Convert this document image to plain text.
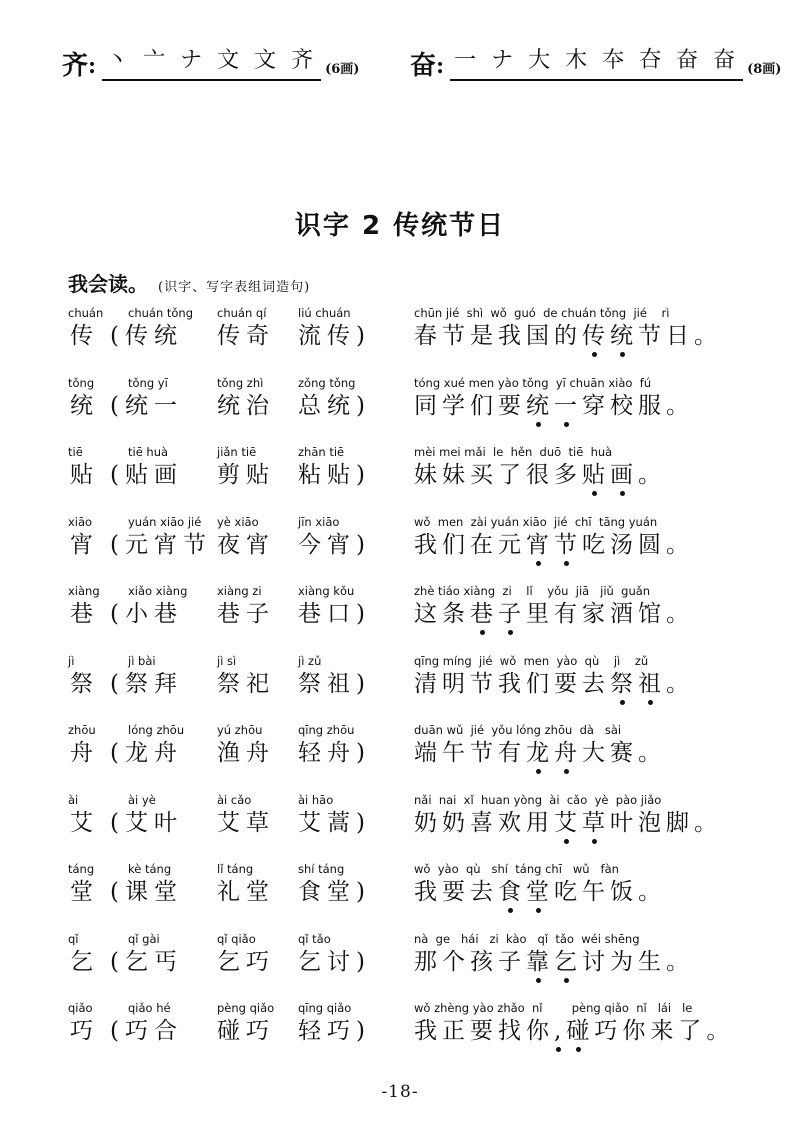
齐 : 丶 亠 ナ 文 文 齐 (6画) 奋 : 一 ナ 大 木 夲 夻 奋 奋 (8画)
识字 2 传统节日
我会读。 (识字、写字表组词造句)
chuán
传
chuán tǒng
(传统
chuán qí
传奇
liú chuán
流传)
chūn jié  shì  wǒ  guó  de chuán tǒng  jié    rì
春节是我国的传统节日。
tǒng
统
tǒng yī
(统一
tǒng zhì
统治
zǒng tǒng
总统)
tóng xué men yào tǒng  yī chuān xiào  fú
同学们要统一穿校服。
tiē
贴
tiē huà
(贴画
jiǎn tiē
剪贴
zhān tiē
粘贴)
mèi mei mǎi  le  hěn  duō  tiē  huà
妹妹买了很多贴画。
xiāo
宵
yuán xiāo jié
(元宵节
yè xiāo
夜宵
jīn xiāo
今宵)
wǒ  men  zài yuán xiāo  jié  chī  tāng yuán
我们在元宵节吃汤圆。
xiàng
巷
xiǎo xiàng
(小巷
xiàng zi
巷子
xiàng kǒu
巷口)
zhè tiáo xiàng  zi    lǐ    yǒu  jiā   jiǔ  guǎn
这条巷子里有家酒馆。
jì
祭
jì bài
(祭拜
jì sì
祭祀
jì zǔ
祭祖)
qīng míng  jié  wǒ  men  yào  qù    jì    zǔ
清明节我们要去祭祖。
zhōu
舟
lóng zhōu
(龙舟
yú zhōu
渔舟
qīng zhōu
轻舟)
duān wǔ  jié  yǒu lóng zhōu  dà   sài
端午节有龙舟大赛。
ài
艾
ài yè
(艾叶
ài cǎo
艾草
ài hāo
艾蒿)
nǎi  nai  xǐ  huan yòng  ài  cǎo  yè  pào jiǎo
奶奶喜欢用艾草叶泡脚。
táng
堂
kè táng
(课堂
lǐ táng
礼堂
shí táng
食堂)
wǒ  yào  qù   shí  táng chī   wǔ   fàn
我要去食堂吃午饭。
qǐ
乞
qǐ gài
(乞丐
qǐ qiǎo
乞巧
qǐ tǎo
乞讨)
nà  ge   hái   zi  kào   qǐ  tǎo  wéi shēng
那个孩子靠乞讨为生。
qiǎo
巧
qiǎo hé
(巧合
pèng qiǎo
碰巧
qīng qiǎo
轻巧)
wǒ zhèng yào zhǎo  nǐ        pèng qiǎo  nǐ   lái   le
我正要找你,碰巧你来了。
-18-
